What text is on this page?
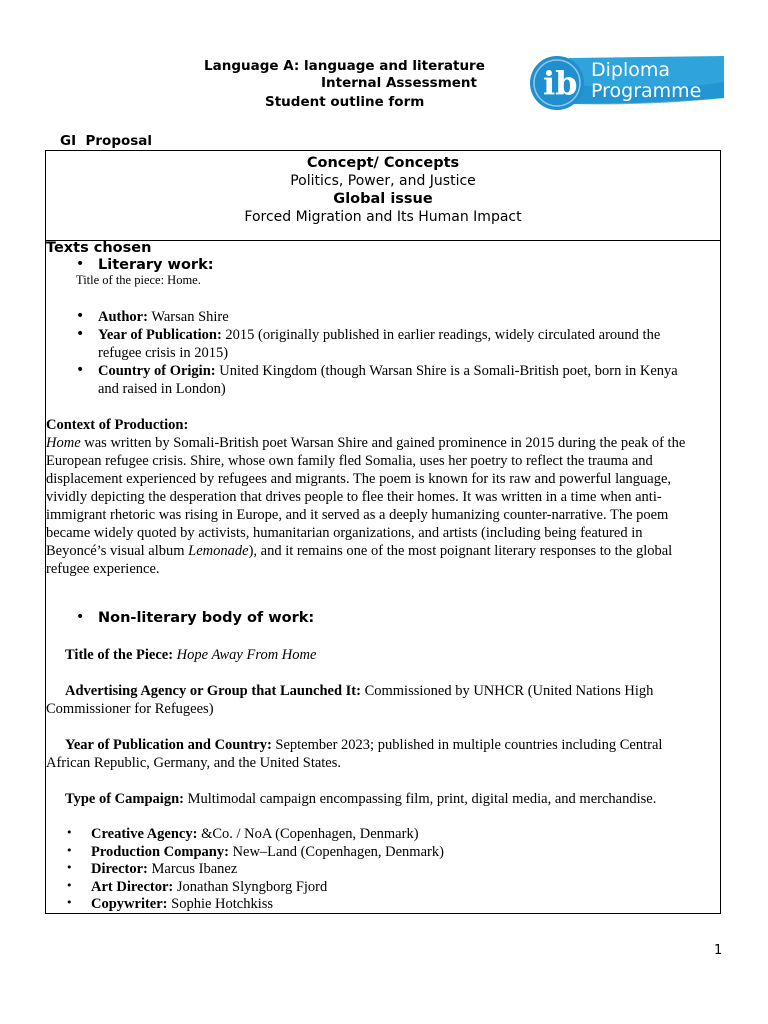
Language A: language and literature
Internal Assessment
Student outline form	ib Diploma
Programme
GI  Proposal
Concept/ Concepts
Politics, Power, and Justice
Global issue
Forced Migration and Its Human Impact
Texts chosen
• Literary work:
Title of the piece: Home.
• Author: Warsan Shire
• Year of Publication: 2015 (originally published in earlier readings, widely circulated around the
refugee crisis in 2015)
• Country of Origin: United Kingdom (though Warsan Shire is a Somali-British poet, born in Kenya
and raised in London)
Context of Production:
Home was written by Somali-British poet Warsan Shire and gained prominence in 2015 during the peak of the
European refugee crisis. Shire, whose own family fled Somalia, uses her poetry to reflect the trauma and
displacement experienced by refugees and migrants. The poem is known for its raw and powerful language,
vividly depicting the desperation that drives people to flee their homes. It was written in a time when anti-
immigrant rhetoric was rising in Europe, and it served as a deeply humanizing counter-narrative. The poem
became widely quoted by activists, humanitarian organizations, and artists (including being featured in
Beyoncé’s visual album Lemonade), and it remains one of the most poignant literary responses to the global
refugee experience.
• Non-literary body of work:
Title of the Piece: Hope Away From Home
Advertising Agency or Group that Launched It: Commissioned by UNHCR (United Nations High
Commissioner for Refugees)
Year of Publication and Country: September 2023; published in multiple countries including Central
African Republic, Germany, and the United States.
Type of Campaign: Multimodal campaign encompassing film, print, digital media, and merchandise.
• Creative Agency: &Co. / NoA (Copenhagen, Denmark)
• Production Company: New–Land (Copenhagen, Denmark)
• Director: Marcus Ibanez
• Art Director: Jonathan Slyngborg Fjord
• Copywriter: Sophie Hotchkiss
1
